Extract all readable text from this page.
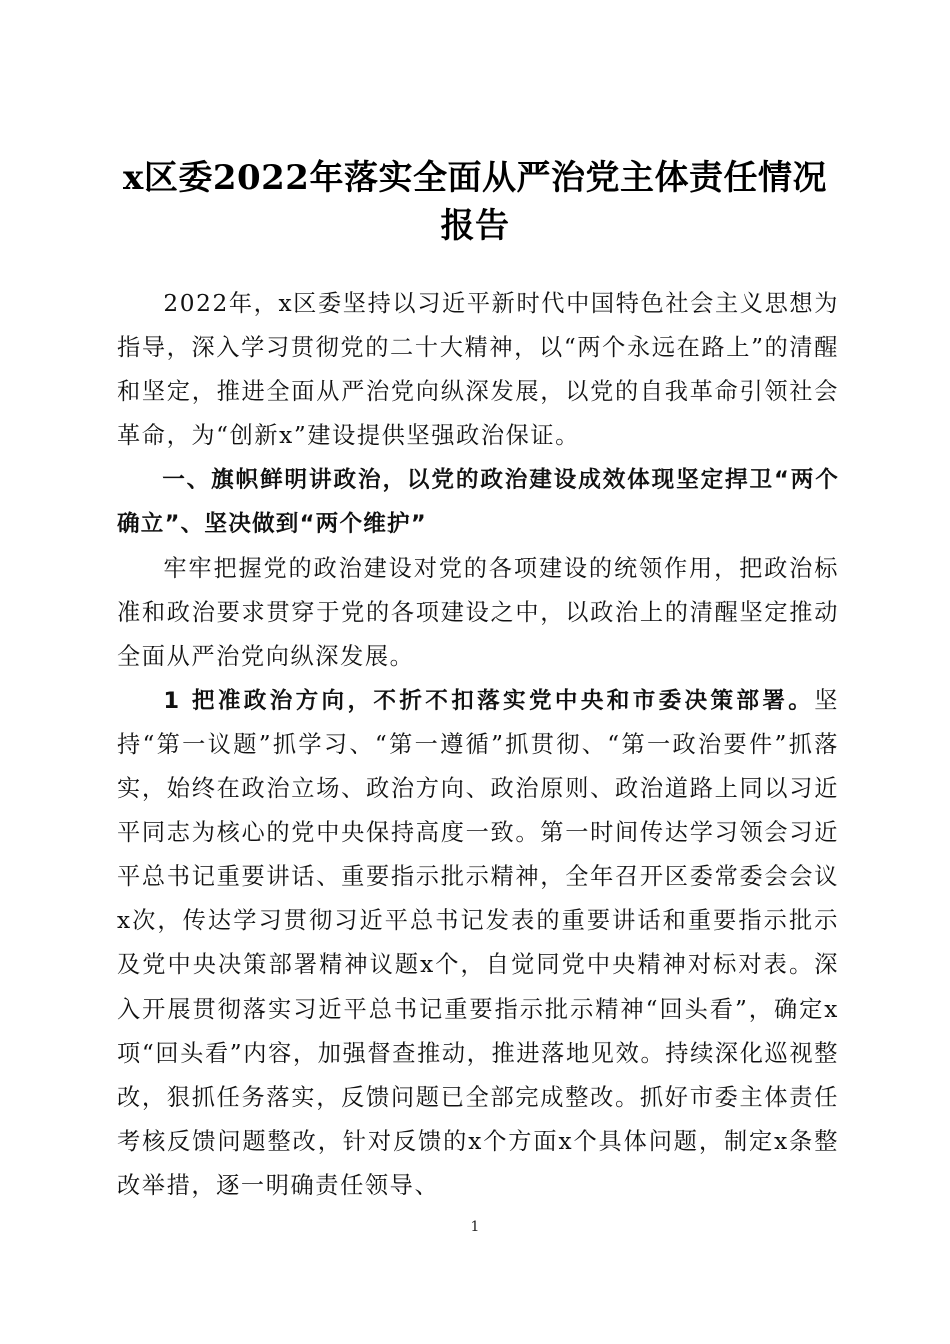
x区委2022年落实全面从严治党主体责任情况
报告

2022年，x区委坚持以习近平新时代中国特色社会主义思想为指导，深入学习贯彻党的二十大精神，以“两个永远在路上”的清醒和坚定，推进全面从严治党向纵深发展，以党的自我革命引领社会革命，为“创新x”建设提供坚强政治保证。

一、旗帜鲜明讲政治，以党的政治建设成效体现坚定捍卫“两个确立”、坚决做到“两个维护”

牢牢把握党的政治建设对党的各项建设的统领作用，把政治标准和政治要求贯穿于党的各项建设之中，以政治上的清醒坚定推动全面从严治党向纵深发展。

1 把准政治方向，不折不扣落实党中央和市委决策部署。坚持“第一议题”抓学习、“第一遵循”抓贯彻、“第一政治要件”抓落实，始终在政治立场、政治方向、政治原则、政治道路上同以习近平同志为核心的党中央保持高度一致。第一时间传达学习领会习近平总书记重要讲话、重要指示批示精神，全年召开区委常委会会议x次，传达学习贯彻习近平总书记发表的重要讲话和重要指示批示及党中央决策部署精神议题x个，自觉同党中央精神对标对表。深入开展贯彻落实习近平总书记重要指示批示精神“回头看”，确定x项“回头看”内容，加强督查推动，推进落地见效。持续深化巡视整改，狠抓任务落实，反馈问题已全部完成整改。抓好市委主体责任考核反馈问题整改，针对反馈的x个方面x个具体问题，制定x条整改举措，逐一明确责任领导、

1
